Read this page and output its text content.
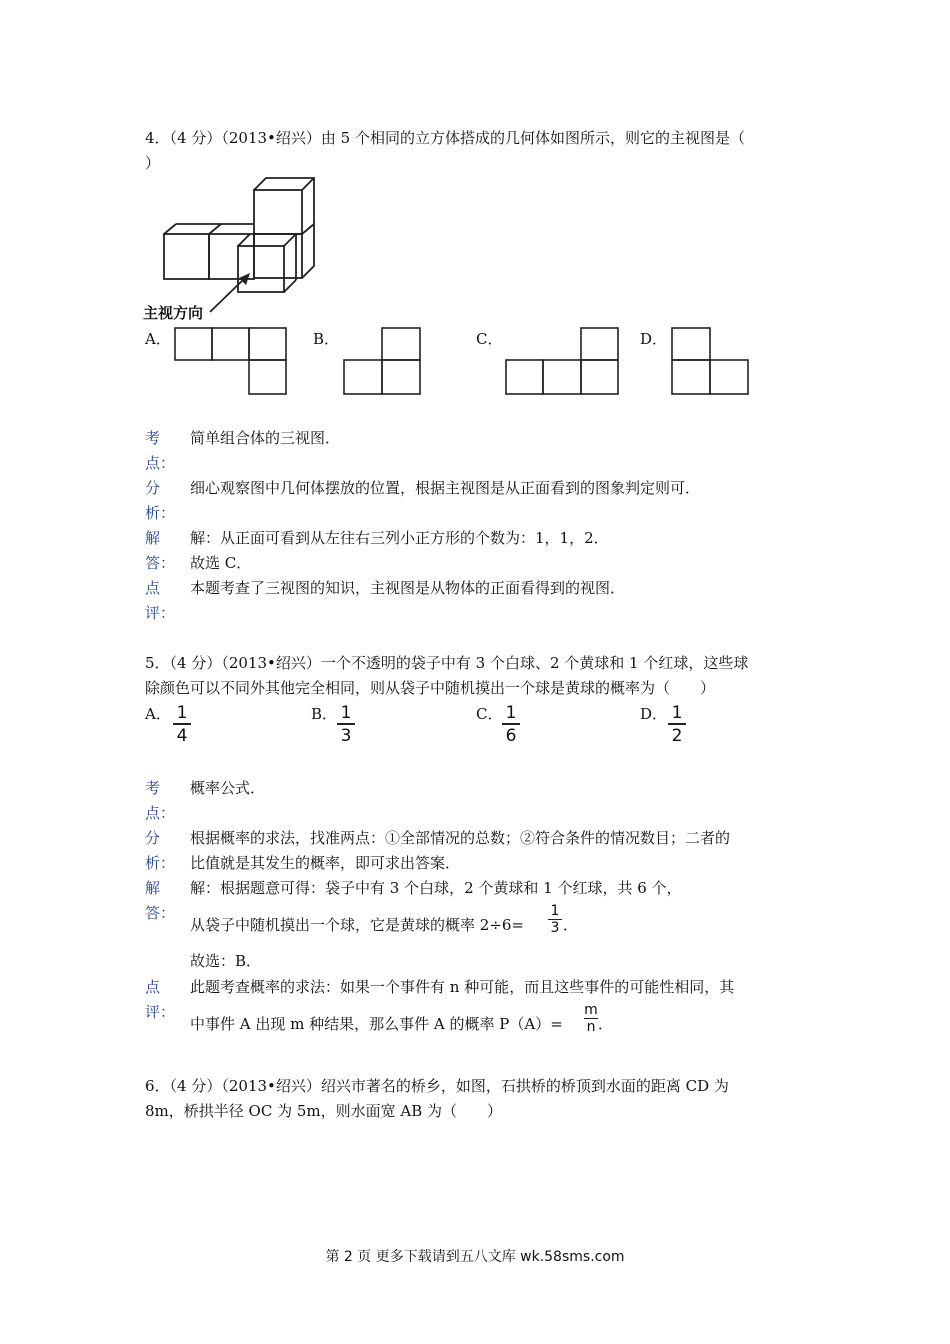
4．（4 分）（2013•绍兴）由 5 个相同的立方体搭成的几何体如图所示，则它的主视图是（
）
主视方向
A．	B．	C．	D．
考
点：
简单组合体的三视图．
分
析：
细心观察图中几何体摆放的位置，根据主视图是从正面看到的图象判定则可．
解
答：
解：从正面可看到从左往右三列小正方形的个数为：1，1，2．
故选 C．
点
评：
本题考查了三视图的知识，主视图是从物体的正面看得到的视图．
5．（4 分）（2013•绍兴）一个不透明的袋子中有 3 个白球、2 个黄球和 1 个红球，这些球
除颜色可以不同外其他完全相同，则从袋子中随机摸出一个球是黄球的概率为（　　）
A． 1
4
B． 1
3
C． 1
6
D． 1
2
考
点：
概率公式．
分
析：
根据概率的求法，找准两点：①全部情况的总数；②符合条件的情况数目；二者的
比值就是其发生的概率，即可求出答案．
解
答：
解：根据题意可得：袋子中有 3 个白球，2 个黄球和 1 个红球，共 6 个，
从袋子中随机摸出一个球，它是黄球的概率 2÷6=
1
3 ．
故选：B．
点
评：
此题考查概率的求法：如果一个事件有 n 种可能，而且这些事件的可能性相同，其
中事件 A 出现 m 种结果，那么事件 A 的概率 P（A）=
m
n ．
6．（4 分）（2013•绍兴）绍兴市著名的桥乡，如图，石拱桥的桥顶到水面的距离 CD 为
8m，桥拱半径 OC 为 5m，则水面宽 AB 为（　　）
第 2 页 更多下载请到五八文库 wk.58sms.com
